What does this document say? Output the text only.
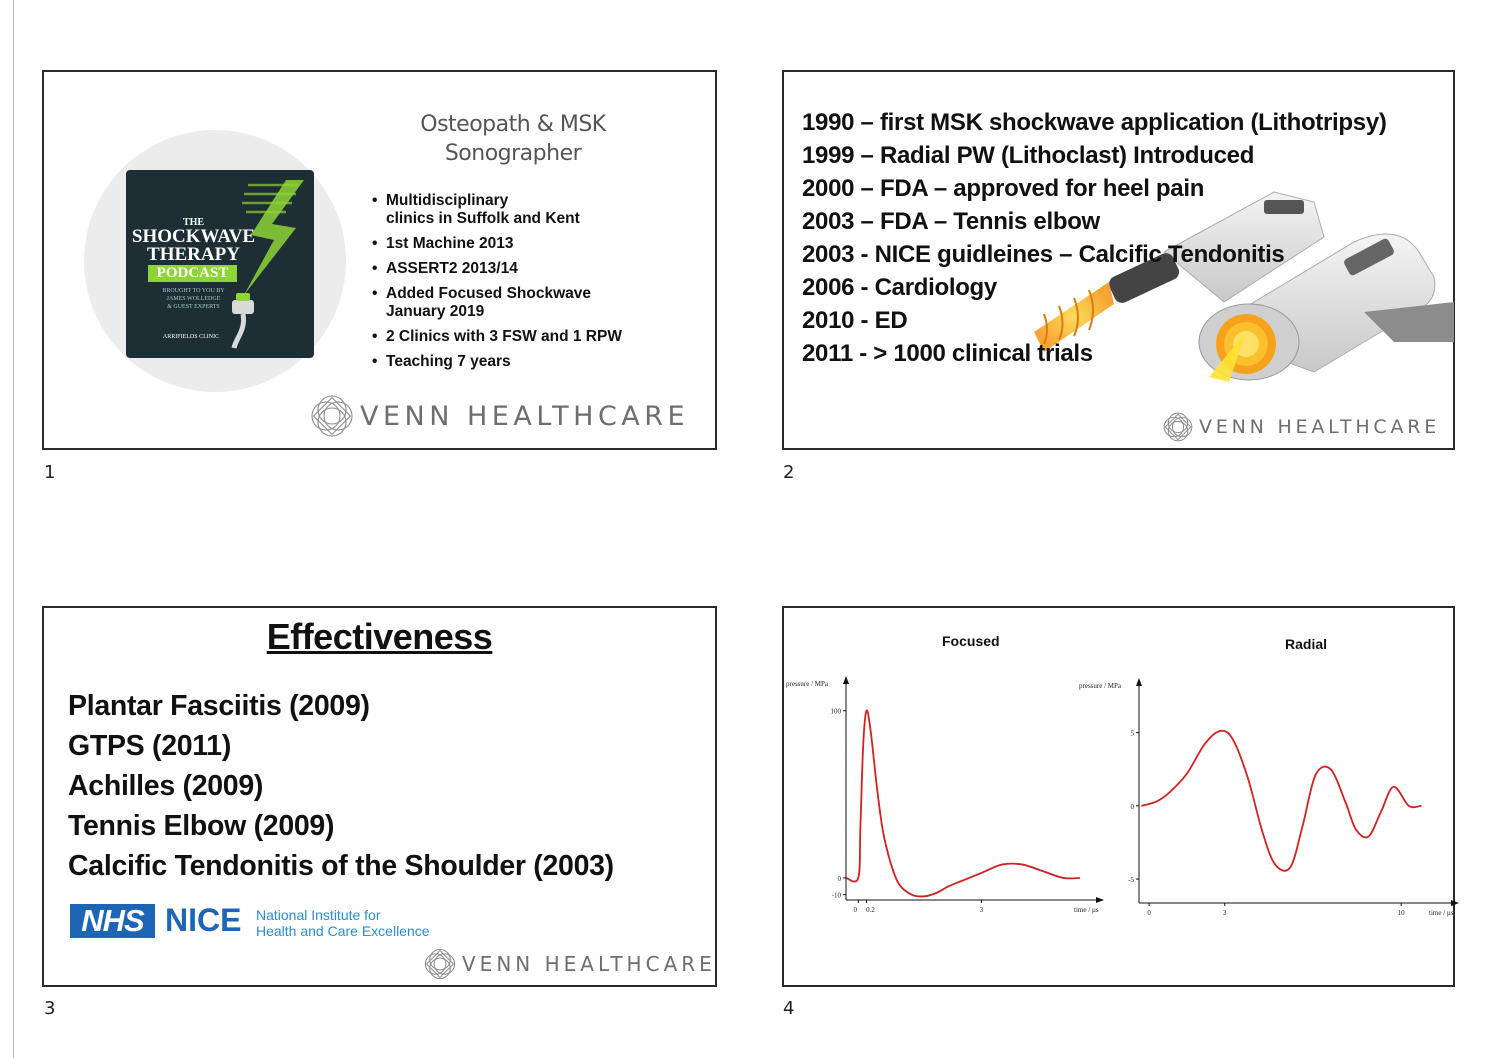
THE
SHOCKWAVE
THERAPY
PODCAST
BROUGHT TO YOU BY
JAMES WOLLEDGE
& GUEST EXPERTS
ARRIFIELDS CLINIC
Osteopath & MSK
Sonographer
• Multidisciplinary
clinics in Suffolk and Kent
• 1st Machine 2013
• ASSERT2 2013/14
• Added Focused Shockwave
January 2019
• 2 Clinics with 3 FSW and 1 RPW
• Teaching 7 years
VENN HEALTHCARE
1
1990 – first MSK shockwave application (Lithotripsy)
1999 – Radial PW (Lithoclast) Introduced
2000 – FDA – approved for heel pain
2003 – FDA – Tennis elbow
2003 - NICE guidleines – Calcific Tendonitis
2006 - Cardiology
2010 - ED
2011 - > 1000 clinical trials
VENN HEALTHCARE
2
Effectiveness
Plantar Fasciitis (2009)
GTPS (2011)
Achilles (2009)
Tennis Elbow (2009)
Calcific Tendonitis of the Shoulder (2003)
NHS NICE National Institute for
Health and Care Excellence
VENN HEALTHCARE
3
Focused	Radial
100
0
-10
0 0.2	3
pressure / MPa
time / µs
5
0
-5
0	3	10
pressure / MPa
time / µs
4
